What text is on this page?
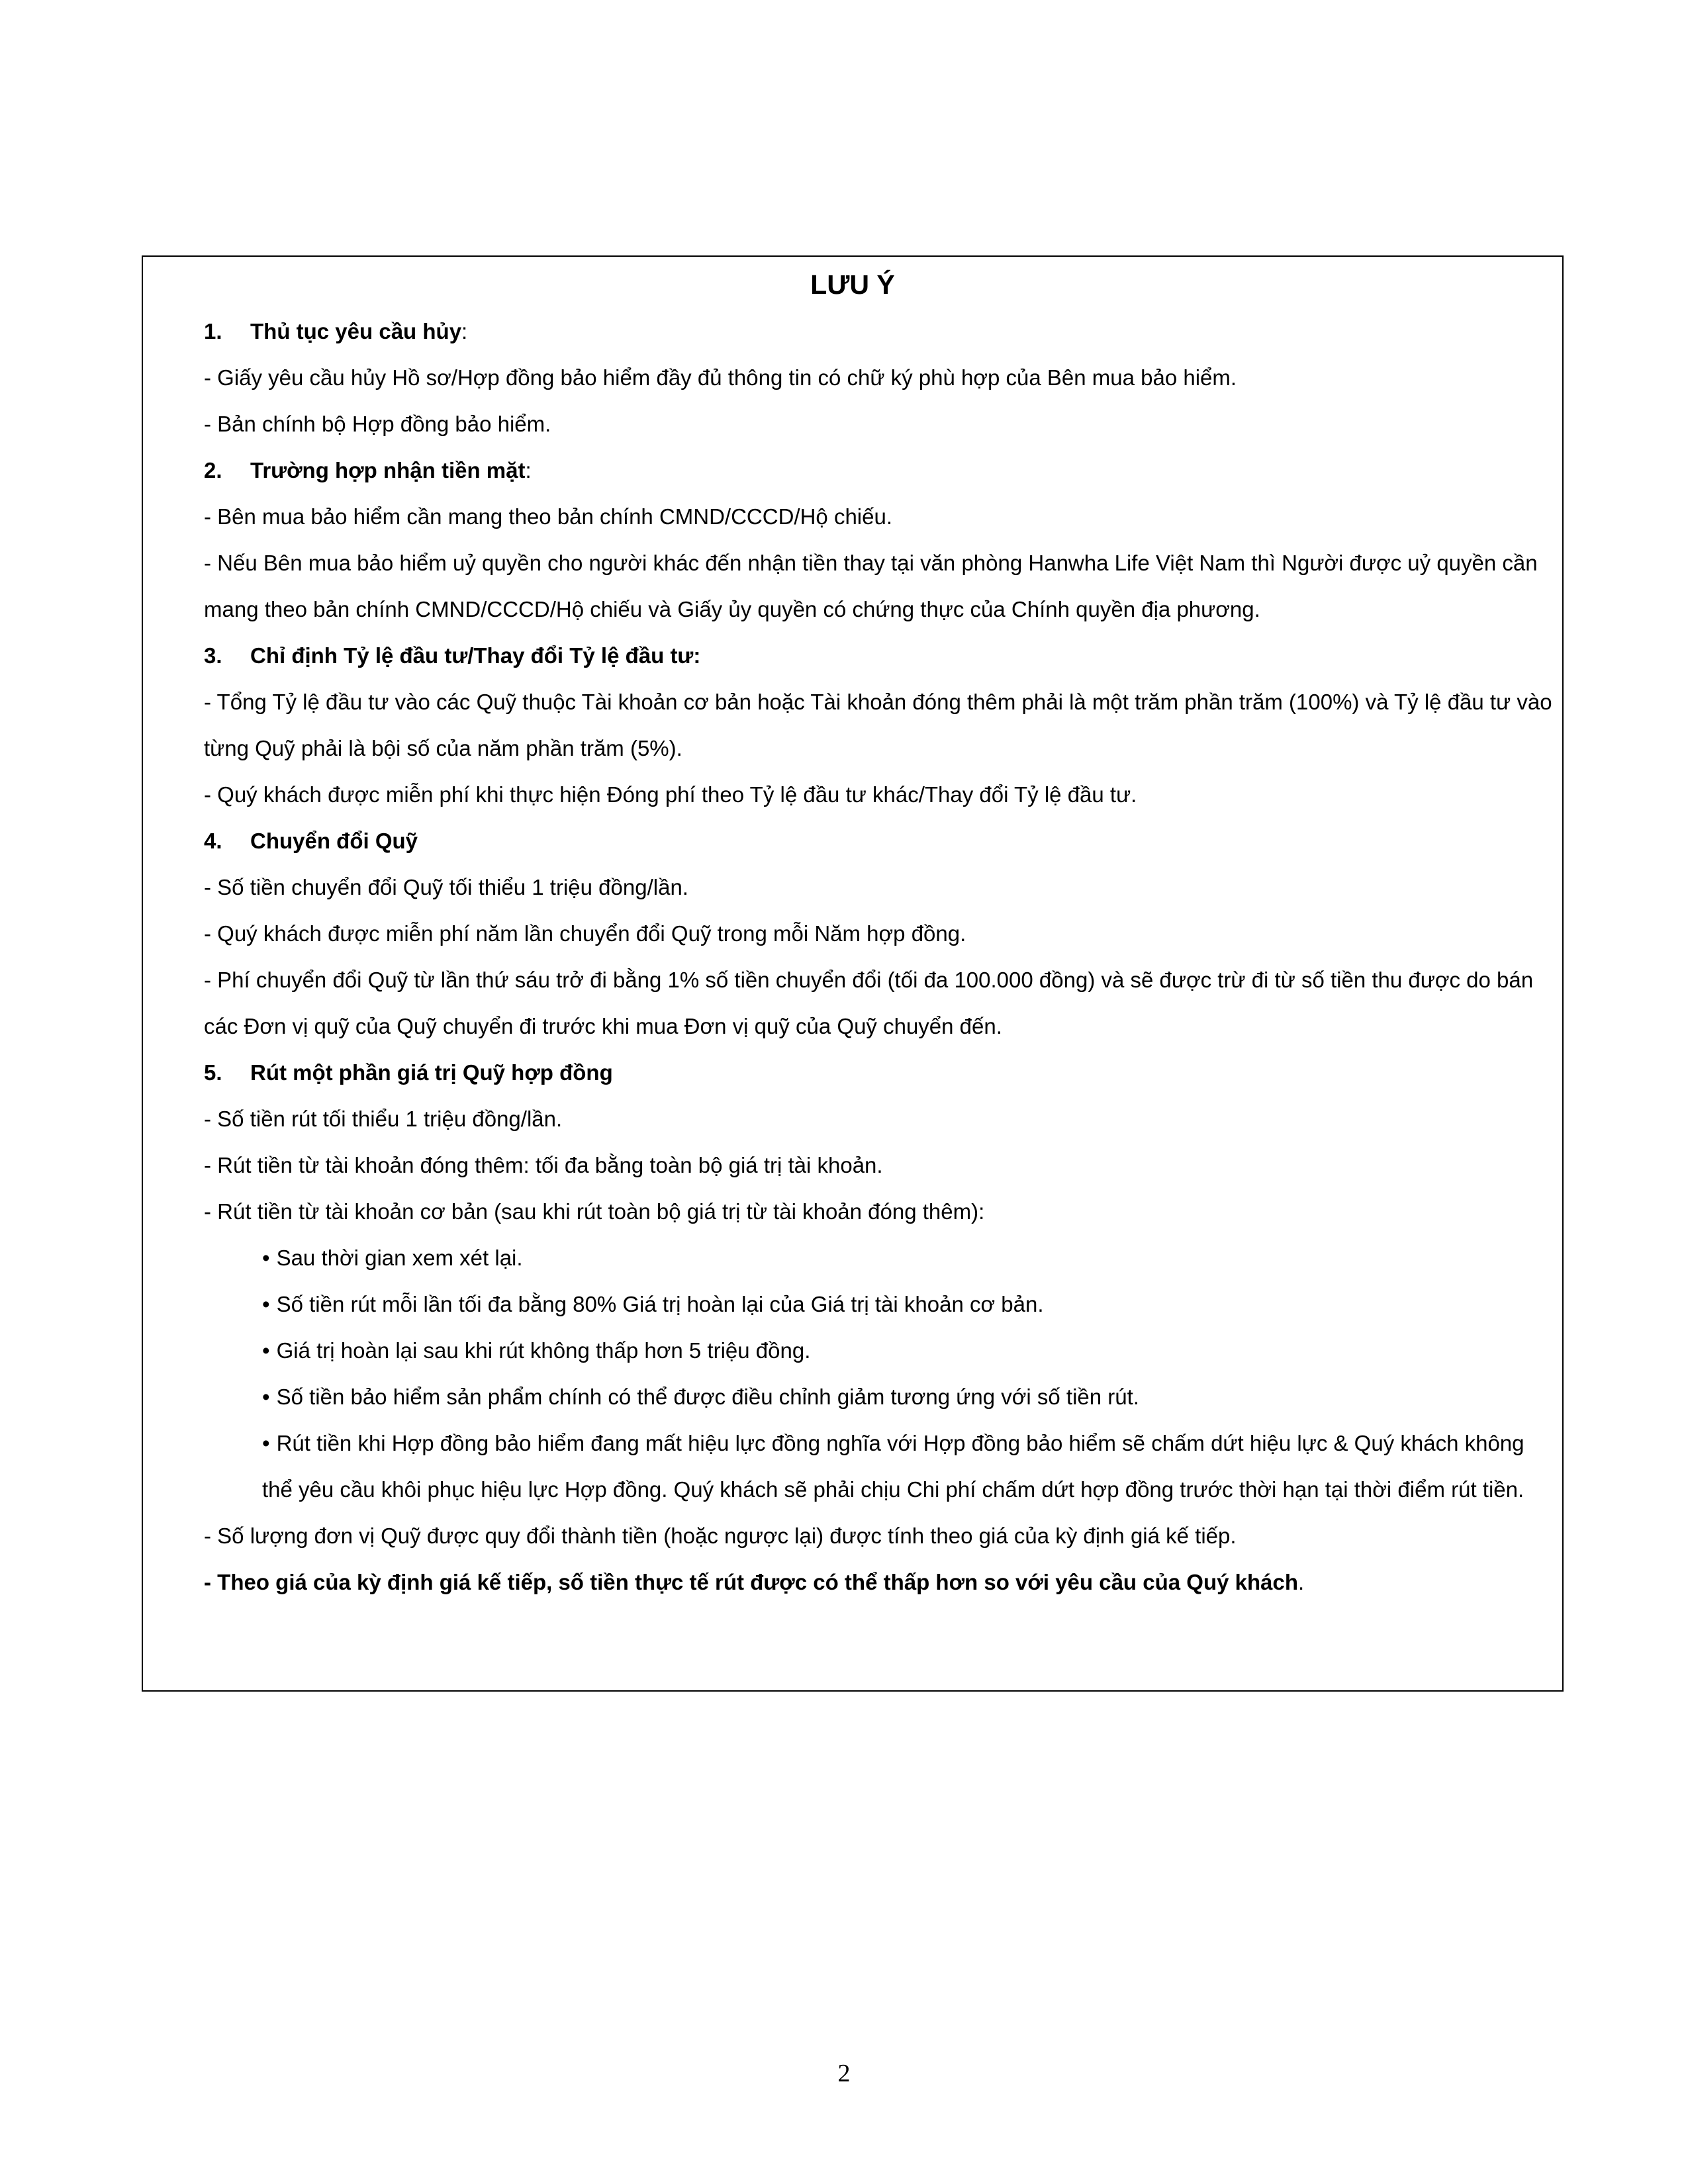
LƯU Ý

1. Thủ tục yêu cầu hủy:

- Giấy yêu cầu hủy Hồ sơ/Hợp đồng bảo hiểm đầy đủ thông tin có chữ ký phù hợp của Bên mua bảo hiểm.

- Bản chính bộ Hợp đồng bảo hiểm.

2. Trường hợp nhận tiền mặt:

- Bên mua bảo hiểm cần mang theo bản chính CMND/CCCD/Hộ chiếu.

- Nếu Bên mua bảo hiểm uỷ quyền cho người khác đến nhận tiền thay tại văn phòng Hanwha Life Việt Nam thì Người được uỷ quyền cần mang theo bản chính CMND/CCCD/Hộ chiếu và Giấy ủy quyền có chứng thực của Chính quyền địa phương.

3. Chỉ định Tỷ lệ đầu tư/Thay đổi Tỷ lệ đầu tư:

- Tổng Tỷ lệ đầu tư vào các Quỹ thuộc Tài khoản cơ bản hoặc Tài khoản đóng thêm phải là một trăm phần trăm (100%) và Tỷ lệ đầu tư vào từng Quỹ phải là bội số của năm phần trăm (5%).

- Quý khách được miễn phí khi thực hiện Đóng phí theo Tỷ lệ đầu tư khác/Thay đổi Tỷ lệ đầu tư.

4. Chuyển đổi Quỹ

- Số tiền chuyển đổi Quỹ tối thiểu 1 triệu đồng/lần.

- Quý khách được miễn phí năm lần chuyển đổi Quỹ trong mỗi Năm hợp đồng.

- Phí chuyển đổi Quỹ từ lần thứ sáu trở đi bằng 1% số tiền chuyển đổi (tối đa 100.000 đồng) và sẽ được trừ đi từ số tiền thu được do bán các Đơn vị quỹ của Quỹ chuyển đi trước khi mua Đơn vị quỹ của Quỹ chuyển đến.

5. Rút một phần giá trị Quỹ hợp đồng

- Số tiền rút tối thiểu 1 triệu đồng/lần.

- Rút tiền từ tài khoản đóng thêm: tối đa bằng toàn bộ giá trị tài khoản.

- Rút tiền từ tài khoản cơ bản (sau khi rút toàn bộ giá trị từ tài khoản đóng thêm):

• Sau thời gian xem xét lại.
• Số tiền rút mỗi lần tối đa bằng 80% Giá trị hoàn lại của Giá trị tài khoản cơ bản.
• Giá trị hoàn lại sau khi rút không thấp hơn 5 triệu đồng.
• Số tiền bảo hiểm sản phẩm chính có thể được điều chỉnh giảm tương ứng với số tiền rút.
• Rút tiền khi Hợp đồng bảo hiểm đang mất hiệu lực đồng nghĩa với Hợp đồng bảo hiểm sẽ chấm dứt hiệu lực & Quý khách không thể yêu cầu khôi phục hiệu lực Hợp đồng. Quý khách sẽ phải chịu Chi phí chấm dứt hợp đồng trước thời hạn tại thời điểm rút tiền.

- Số lượng đơn vị Quỹ được quy đổi thành tiền (hoặc ngược lại) được tính theo giá của kỳ định giá kế tiếp.

- Theo giá của kỳ định giá kế tiếp, số tiền thực tế rút được có thể thấp hơn so với yêu cầu của Quý khách.

2
